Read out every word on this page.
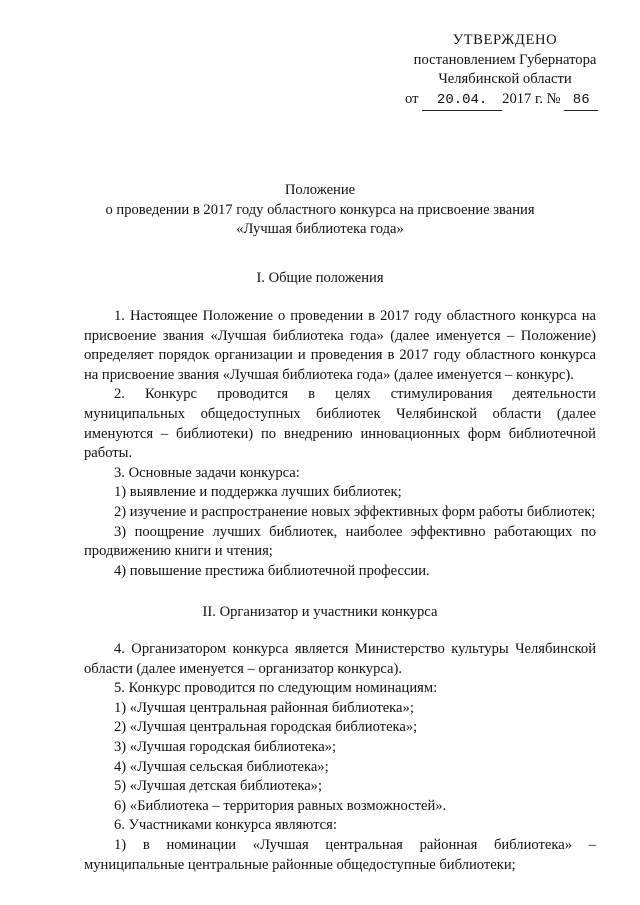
УТВЕРЖДЕНО
постановлением Губернатора
Челябинской области
от 20.04. 2017 г. № 86
Положение
о проведении в 2017 году областного конкурса на присвоение звания
«Лучшая библиотека года»
I. Общие положения

1. Настоящее Положение о проведении в 2017 году областного конкурса на присвоение звания «Лучшая библиотека года» (далее именуется – Положение) определяет порядок организации и проведения в 2017 году областного конкурса на присвоение звания «Лучшая библиотека года» (далее именуется – конкурс).

2. Конкурс проводится в целях стимулирования деятельности муниципальных общедоступных библиотек Челябинской области (далее именуются – библиотеки) по внедрению инновационных форм библиотечной работы.

3. Основные задачи конкурса:

1) выявление и поддержка лучших библиотек;

2) изучение и распространение новых эффективных форм работы библиотек;

3) поощрение лучших библиотек, наиболее эффективно работающих по продвижению книги и чтения;

4) повышение престижа библиотечной профессии.

II. Организатор и участники конкурса

4. Организатором конкурса является Министерство культуры Челябинской области (далее именуется – организатор конкурса).

5. Конкурс проводится по следующим номинациям:

1) «Лучшая центральная районная библиотека»;

2) «Лучшая центральная городская библиотека»;

3) «Лучшая городская библиотека»;

4) «Лучшая сельская библиотека»;

5) «Лучшая детская библиотека»;

6) «Библиотека – территория равных возможностей».

6. Участниками конкурса являются:

1) в номинации «Лучшая центральная районная библиотека» – муниципальные центральные районные общедоступные библиотеки;
